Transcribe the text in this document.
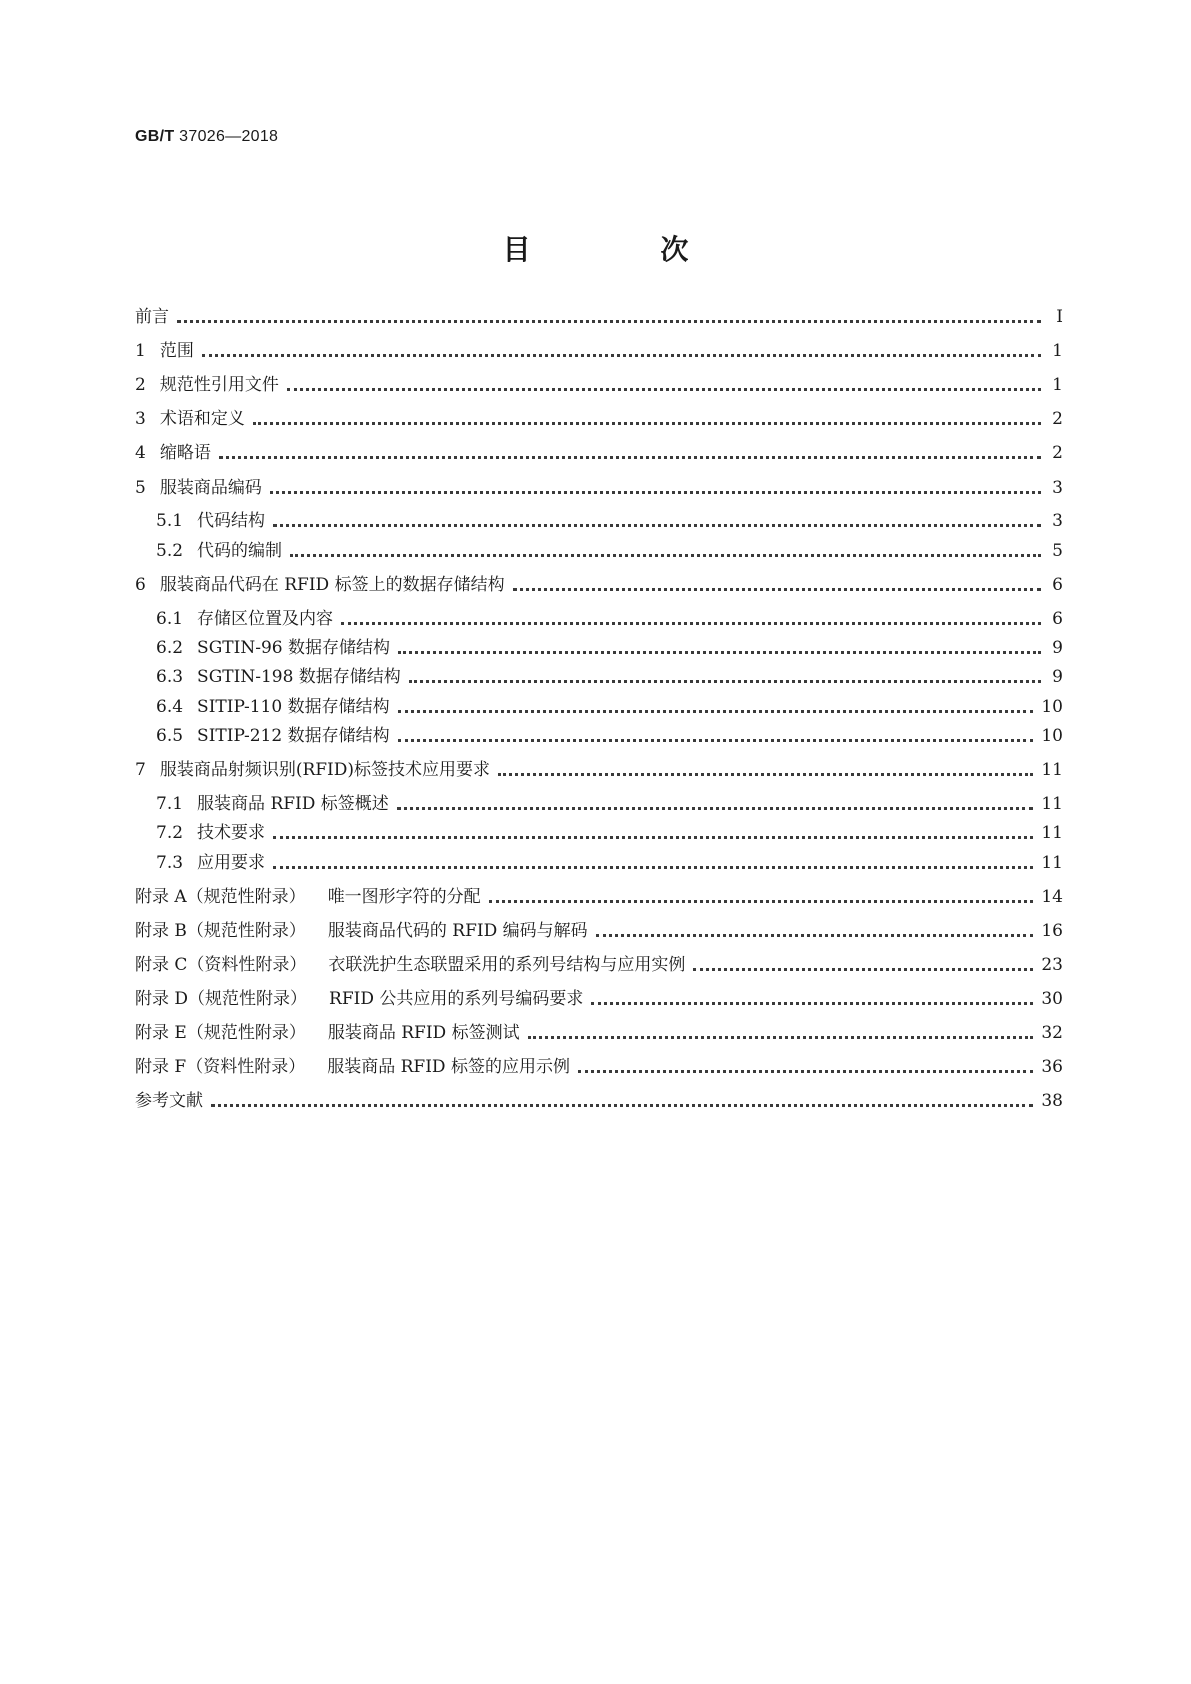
GB/T 37026—2018
目 次
前言	Ⅰ
1 范围	1
2 规范性引用文件	1
3 术语和定义	2
4 缩略语	2
5 服装商品编码	3
5.1 代码结构	3
5.2 代码的编制	5
6 服装商品代码在 RFID 标签上的数据存储结构	6
6.1 存储区位置及内容	6
6.2 SGTIN-96 数据存储结构	9
6.3 SGTIN-198 数据存储结构	9
6.4 SITIP-110 数据存储结构	10
6.5 SITIP-212 数据存储结构	10
7 服装商品射频识别(RFID)标签技术应用要求	11
7.1 服装商品 RFID 标签概述	11
7.2 技术要求	11
7.3 应用要求	11
附录 A（规范性附录） 唯一图形字符的分配	14
附录 B（规范性附录） 服装商品代码的 RFID 编码与解码	16
附录 C（资料性附录） 衣联洗护生态联盟采用的系列号结构与应用实例	23
附录 D（规范性附录） RFID 公共应用的系列号编码要求	30
附录 E（规范性附录） 服装商品 RFID 标签测试	32
附录 F（资料性附录） 服装商品 RFID 标签的应用示例	36
参考文献	38
